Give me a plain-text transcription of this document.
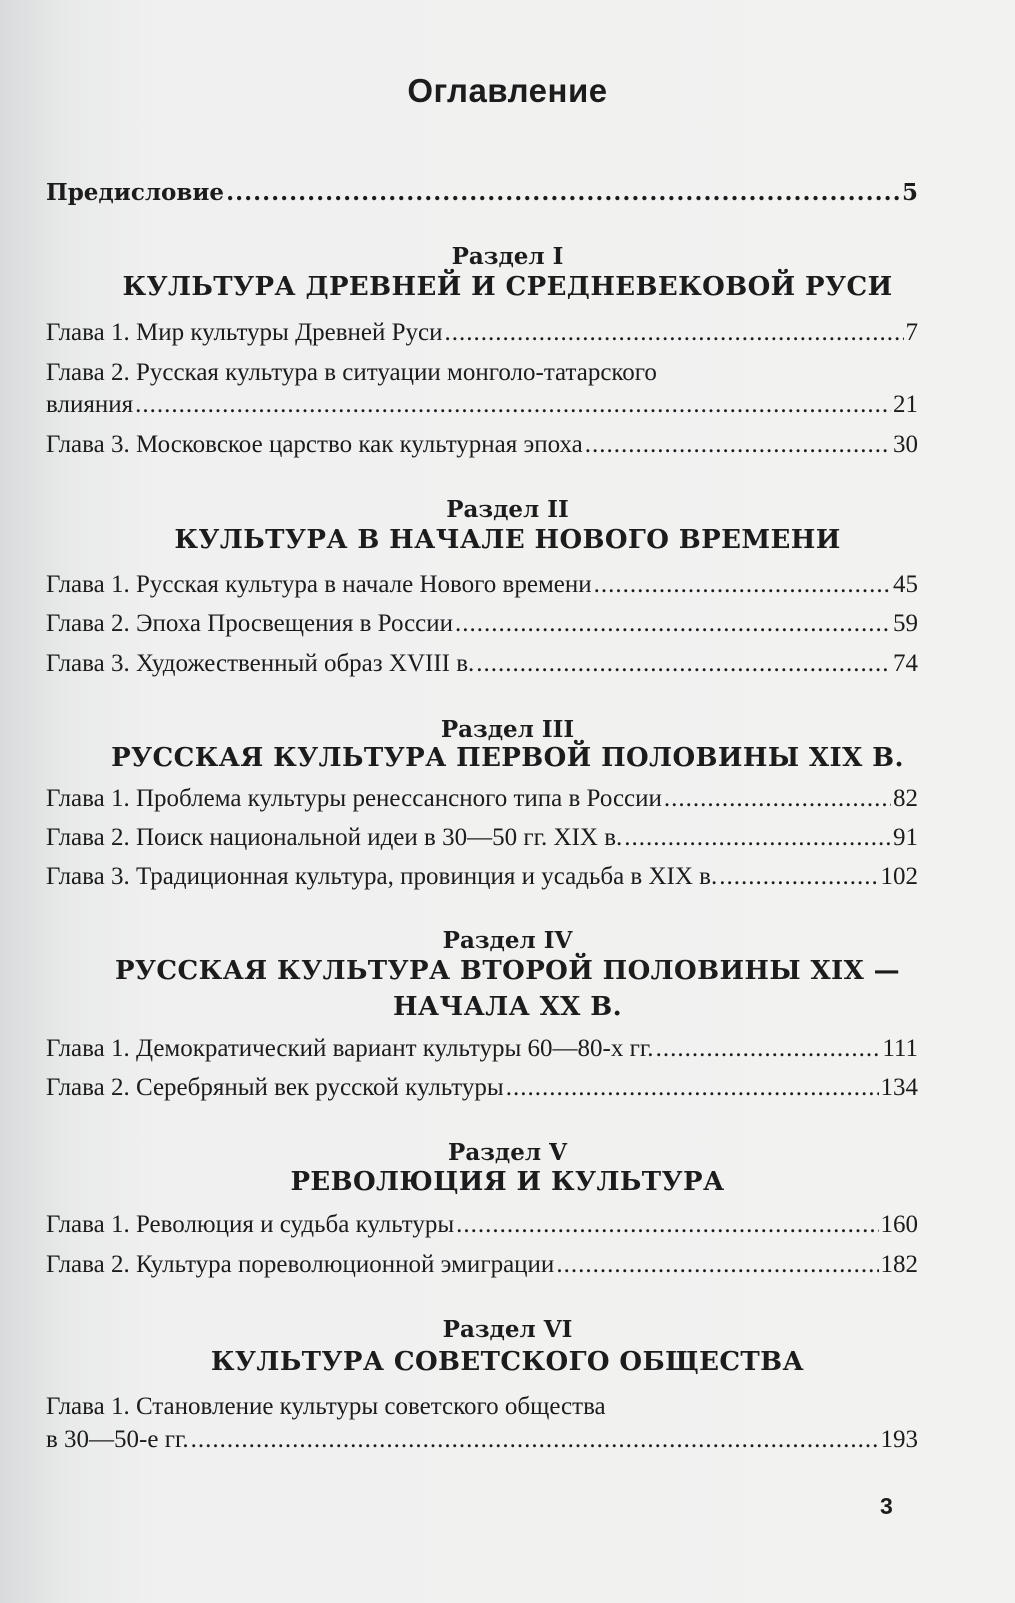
Оглавление
Предисловие .....	5
Раздел I
КУЛЬТУРА ДРЕВНЕЙ И СРЕДНЕВЕКОВОЙ РУСИ
Глава 1. Мир культуры Древней Руси .....	7
Глава 2. Русская культура в ситуации монголо-татарского
влияния .....	21
Глава 3. Московское царство как культурная эпоха .....	30
Раздел II
КУЛЬТУРА В НАЧАЛЕ НОВОГО ВРЕМЕНИ
Глава 1. Русская культура в начале Нового времени .....	45
Глава 2. Эпоха Просвещения в России .....	59
Глава 3. Художественный образ XVIII в. .....	74
Раздел III
РУССКАЯ КУЛЬТУРА ПЕРВОЙ ПОЛОВИНЫ XIX В.
Глава 1. Проблема культуры ренессансного типа в России .....	82
Глава 2. Поиск национальной идеи в 30—50 гг. XIX в. .....	91
Глава 3. Традиционная культура, провинция и усадьба в XIX в. .....	102
Раздел IV
РУССКАЯ КУЛЬТУРА ВТОРОЙ ПОЛОВИНЫ XIX —
НАЧАЛА XX В.
Глава 1. Демократический вариант культуры 60—80-х гг. .....	111
Глава 2. Серебряный век русской культуры .....	134
Раздел V
РЕВОЛЮЦИЯ И КУЛЬТУРА
Глава 1. Революция и судьба культуры .....	160
Глава 2. Культура пореволюционной эмиграции .....	182
Раздел VI
КУЛЬТУРА СОВЕТСКОГО ОБЩЕСТВА
Глава 1. Становление культуры советского общества
в 30—50-е гг. .....	193
3
